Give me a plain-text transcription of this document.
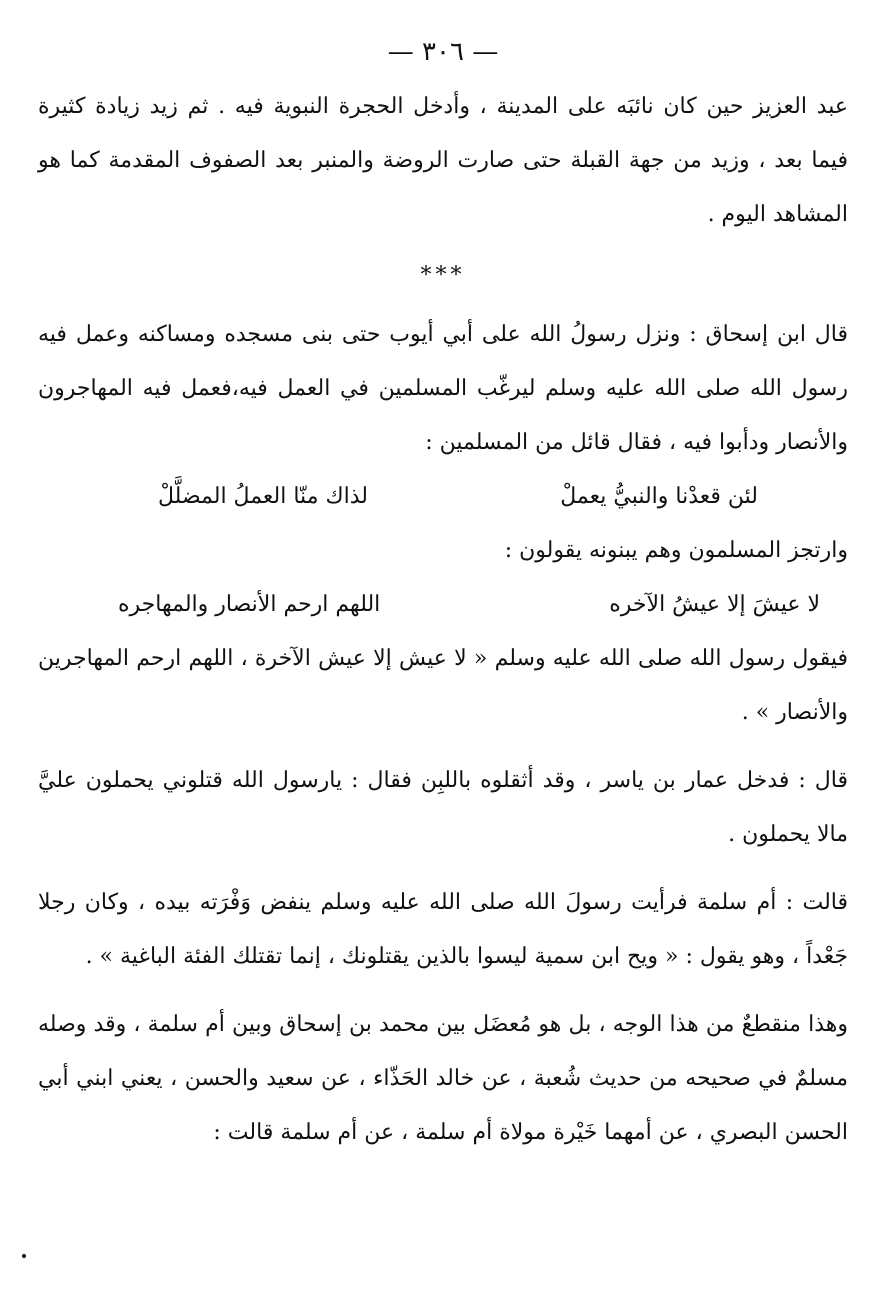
— ٣٠٦ —

عبد العزيز حين كان نائبَه على المدينة ، وأدخل الحجرة النبوية فيه . ثم زيد زيادة كثيرة فيما بعد ، وزيد من جهة القبلة حتى صارت الروضة والمنبر بعد الصفوف المقدمة كما هو المشاهد اليوم .

***

قال ابن إسحاق : ونزل رسولُ الله على أبي أيوب حتى بنى مسجده ومساكنه وعمل فيه رسول الله صلى الله عليه وسلم ليرغّب المسلمين في العمل فيه،فعمل فيه المهاجرون والأنصار ودأبوا فيه ، فقال قائل من المسلمين :

لئن قعدْنا والنبيُّ يعملْ
لذاك منّا العملُ المضلَّلْ

وارتجز المسلمون وهم يبنونه يقولون :

لا عيشَ إلا عيشُ الآخره
اللهم ارحم الأنصار والمهاجره

فيقول رسول الله صلى الله عليه وسلم « لا عيش إلا عيش الآخرة ، اللهم ارحم المهاجرين والأنصار » .

قال : فدخل عمار بن ياسر ، وقد أثقلوه باللبِن فقال : يارسول الله قتلوني يحملون عليَّ مالا يحملون .

قالت : أم سلمة فرأيت رسولَ الله صلى الله عليه وسلم ينفض وَفْرَته بيده ، وكان رجلا جَعْداً ، وهو يقول : « ويح ابن سمية ليسوا بالذين يقتلونك ، إنما تقتلك الفئة الباغية » .

وهذا منقطعٌ من هذا الوجه ، بل هو مُعضَل بين محمد بن إسحاق وبين أم سلمة ، وقد وصله مسلمٌ في صحيحه من حديث شُعبة ، عن خالد الحَذّاء ، عن سعيد والحسن ، يعني ابني أبي الحسن البصري ، عن أمهما خَيْرة مولاة أم سلمة ، عن أم سلمة قالت :
